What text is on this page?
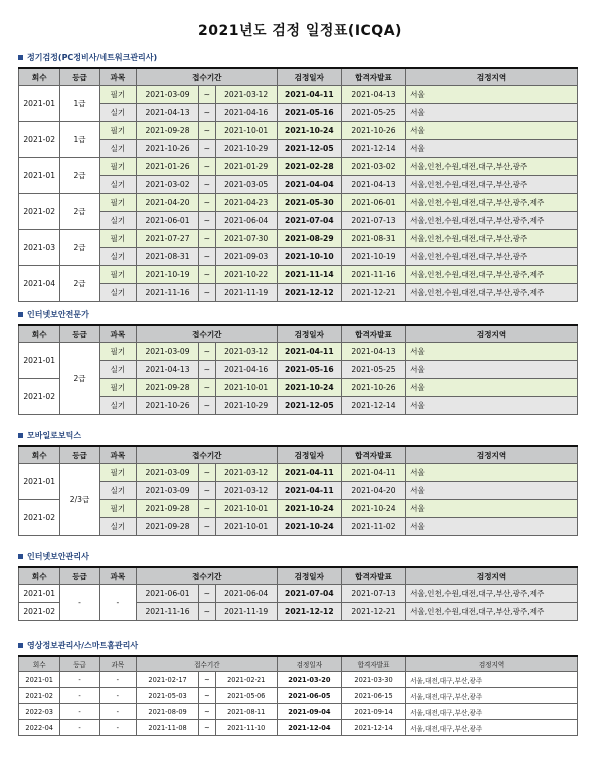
2021년도 검정 일정표(ICQA)
정기검정(PC정비사/네트워크관리사)
회수	등급	과목	접수기간			검정일자	합격자발표	검정지역
2021-01	1급	필기	2021-03-09	~	2021-03-12	2021-04-11	2021-04-13	서울
		실기	2021-04-13	~	2021-04-16	2021-05-16	2021-05-25	서울
2021-02	1급	필기	2021-09-28	~	2021-10-01	2021-10-24	2021-10-26	서울
		실기	2021-10-26	~	2021-10-29	2021-12-05	2021-12-14	서울
2021-01	2급	필기	2021-01-26	~	2021-01-29	2021-02-28	2021-03-02	서울,인천,수원,대전,대구,부산,광주
		실기	2021-03-02	~	2021-03-05	2021-04-04	2021-04-13	서울,인천,수원,대전,대구,부산,광주
2021-02	2급	필기	2021-04-20	~	2021-04-23	2021-05-30	2021-06-01	서울,인천,수원,대전,대구,부산,광주,제주
		실기	2021-06-01	~	2021-06-04	2021-07-04	2021-07-13	서울,인천,수원,대전,대구,부산,광주,제주
2021-03	2급	필기	2021-07-27	~	2021-07-30	2021-08-29	2021-08-31	서울,인천,수원,대전,대구,부산,광주
		실기	2021-08-31	~	2021-09-03	2021-10-10	2021-10-19	서울,인천,수원,대전,대구,부산,광주
2021-04	2급	필기	2021-10-19	~	2021-10-22	2021-11-14	2021-11-16	서울,인천,수원,대전,대구,부산,광주,제주
		실기	2021-11-16	~	2021-11-19	2021-12-12	2021-12-21	서울,인천,수원,대전,대구,부산,광주,제주
인터넷보안전문가
회수	등급	과목	접수기간			검정일자	합격자발표	검정지역
2021-01	2급	필기	2021-03-09	~	2021-03-12	2021-04-11	2021-04-13	서울
		실기	2021-04-13	~	2021-04-16	2021-05-16	2021-05-25	서울
2021-02		필기	2021-09-28	~	2021-10-01	2021-10-24	2021-10-26	서울
		실기	2021-10-26	~	2021-10-29	2021-12-05	2021-12-14	서울
모바일로보틱스
회수	등급	과목	접수기간			검정일자	합격자발표	검정지역
2021-01	2/3급	필기	2021-03-09	~	2021-03-12	2021-04-11	2021-04-11	서울
		실기	2021-03-09	~	2021-03-12	2021-04-11	2021-04-20	서울
2021-02		필기	2021-09-28	~	2021-10-01	2021-10-24	2021-10-24	서울
		실기	2021-09-28	~	2021-10-01	2021-10-24	2021-11-02	서울
인터넷보안관리사
회수	등급	과목	접수기간			검정일자	합격자발표	검정지역
2021-01	-	-	2021-06-01	~	2021-06-04	2021-07-04	2021-07-13	서울,인천,수원,대전,대구,부산,광주,제주
2021-02			2021-11-16	~	2021-11-19	2021-12-12	2021-12-21	서울,인천,수원,대전,대구,부산,광주,제주
영상정보관리사/스마트홈관리사
회수	등급	과목	접수기간			검정일자	합격자발표	검정지역
2021-01	-	-	2021-02-17	~	2021-02-21	2021-03-20	2021-03-30	서울,대전,대구,부산,광주
2021-02	-	-	2021-05-03	~	2021-05-06	2021-06-05	2021-06-15	서울,대전,대구,부산,광주
2022-03	-	-	2021-08-09	~	2021-08-11	2021-09-04	2021-09-14	서울,대전,대구,부산,광주
2022-04	-	-	2021-11-08	~	2021-11-10	2021-12-04	2021-12-14	서울,대전,대구,부산,광주
